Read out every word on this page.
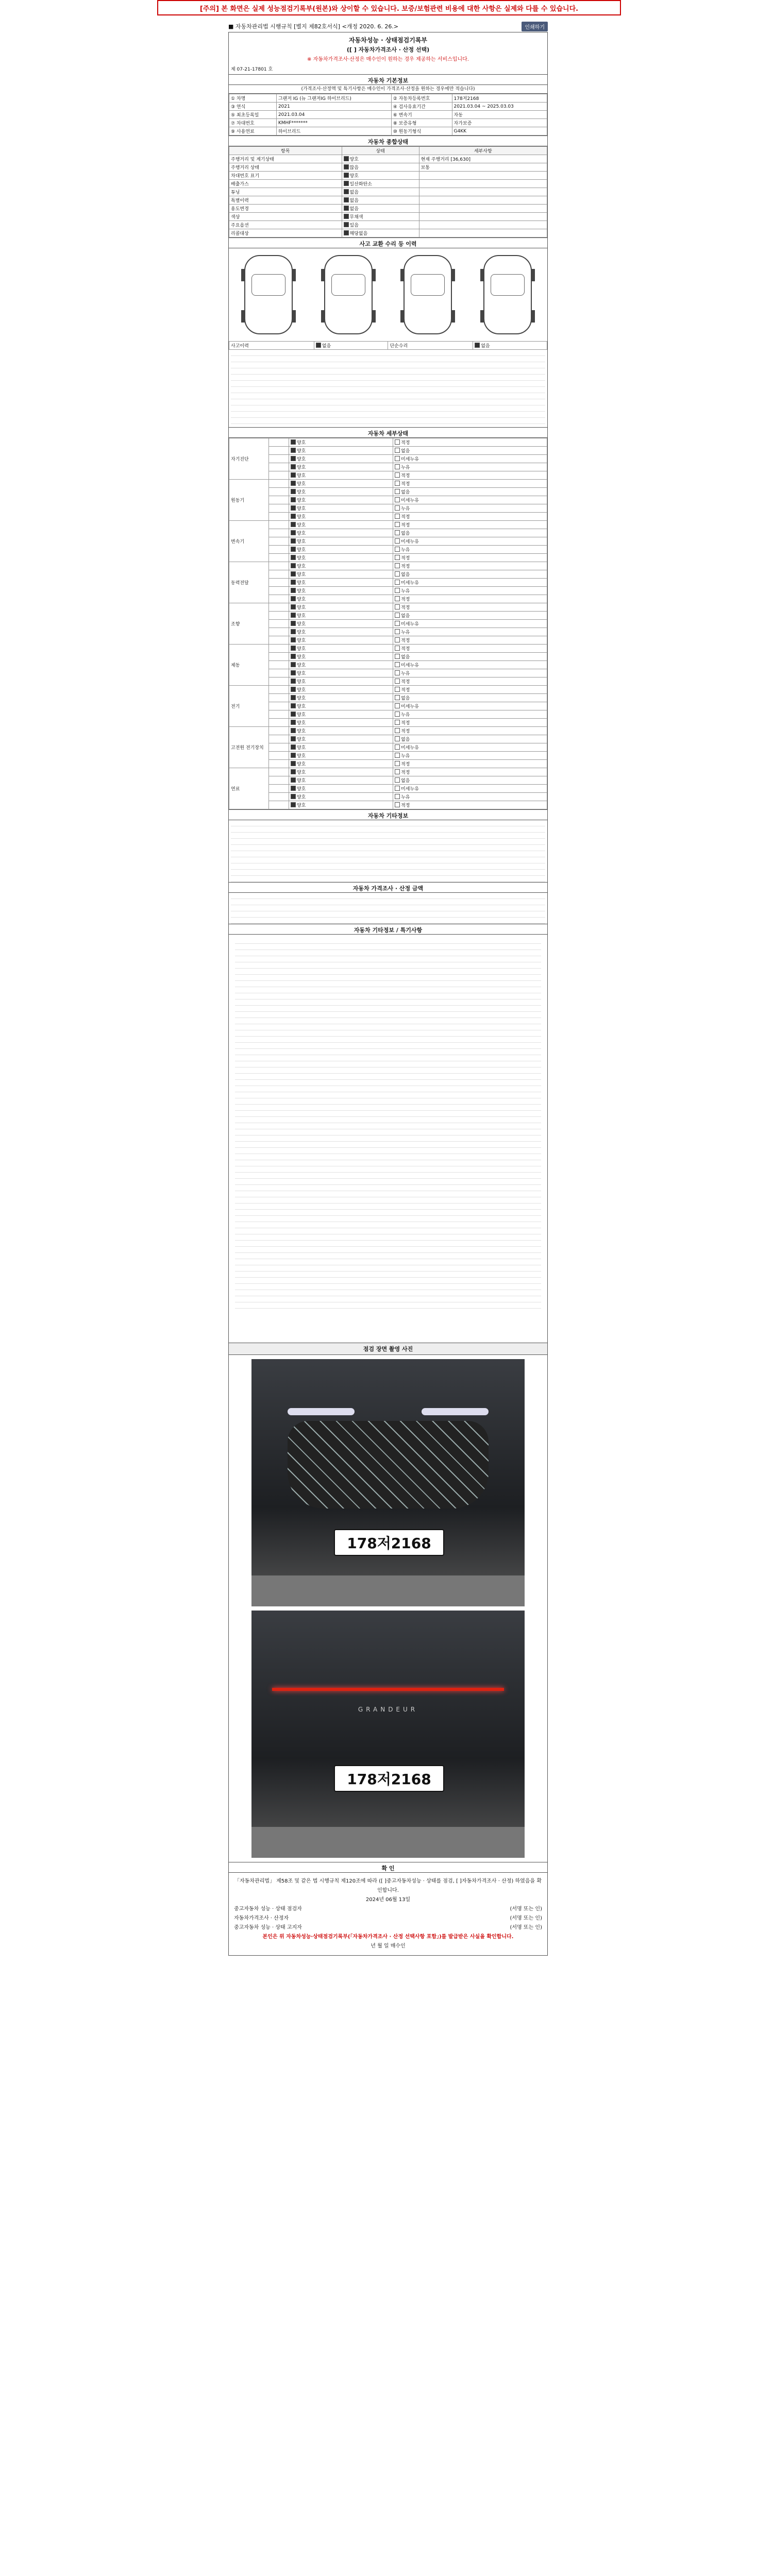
[주의] 본 화면은 실제 성능점검기록부(원본)와 상이할 수 있습니다. 보증/보험관련 비용에 대한 사항은 실제와 다를 수 있습니다.
■ 자동차관리법 시행규칙 [별지 제82호서식] <개정 2020. 6. 26.>	인쇄하기
자동차성능 · 상태점검기록부
([ ] 자동차가격조사 · 산정 선택)
※ 자동차가격조사·산정은 매수인이 원하는 경우 제공하는 서비스입니다.
제 07-21-17801 호
자동차 기본정보
(가격조사·산정액 및 특기사항은 매수인이 가격조사·산정을 원하는 경우에만 적습니다)
① 차명	그랜저 IG (뉴 그랜저IG 하이브리드)	② 자동차등록번호	178저2168
③ 연식	2021	④ 검사유효기간	2021.03.04 ~ 2025.03.03
⑤ 최초등록일	2021.03.04	⑥ 변속기	자동
⑦ 차대번호	KMHF*******	⑧ 보증유형	자가보증
⑨ 사용연료	하이브리드	⑩ 원동기형식	G4KK
자동차 종합상태
항목	상태	세부사항
주행거리 및 계기상태	양호	현재 주행거리 [36,630]
주행거리 상태	많음	보통
차대번호 표기	양호	
배출가스	일산화탄소	
튜닝	없음	
특별이력	없음	
용도변경	없음	
색상	무채색	
주요옵션	있음	
리콜대상	해당없음	
사고 교환 수리 등 이력
사고이력	없음	단순수리	없음
자동차 세부상태
자기진단		양호	적정
		양호	없음
		양호	미세누유
		양호	누유
		양호	적정
원동기		양호	적정
		양호	없음
		양호	미세누유
		양호	누유
		양호	적정
변속기		양호	적정
		양호	없음
		양호	미세누유
		양호	누유
		양호	적정
동력전달		양호	적정
		양호	없음
		양호	미세누유
		양호	누유
		양호	적정
조향		양호	적정
		양호	없음
		양호	미세누유
		양호	누유
		양호	적정
제동		양호	적정
		양호	없음
		양호	미세누유
		양호	누유
		양호	적정
전기		양호	적정
		양호	없음
		양호	미세누유
		양호	누유
		양호	적정
고전원 전기장치		양호	적정
		양호	없음
		양호	미세누유
		양호	누유
		양호	적정
연료		양호	적정
		양호	없음
		양호	미세누유
		양호	누유
		양호	적정
자동차 기타정보
자동차 가격조사 · 산정 금액
자동차 기타정보 / 특기사항
점검 장면 촬영 사진
178저2168
GRANDEUR
178저2168
확 인
「자동차관리법」 제58조 및 같은 법 시행규칙 제120조에 따라 ([ ]중고자동차성능 · 상태를 점검, [ ]자동차가격조사 · 산정) 하였음을 확인합니다.
2024년 06월 13일
중고자동차 성능 · 상태 점검자	(서명 또는 인)
자동차가격조사 · 산정자	(서명 또는 인)
중고자동차 성능 · 상태 고지자	(서명 또는 인)
본인은 위 자동차성능·상태점검기록부(「자동차가격조사 · 산정 선택사항 포함」)를 발급받은 사실을 확인합니다.
년 월 일 매수인
